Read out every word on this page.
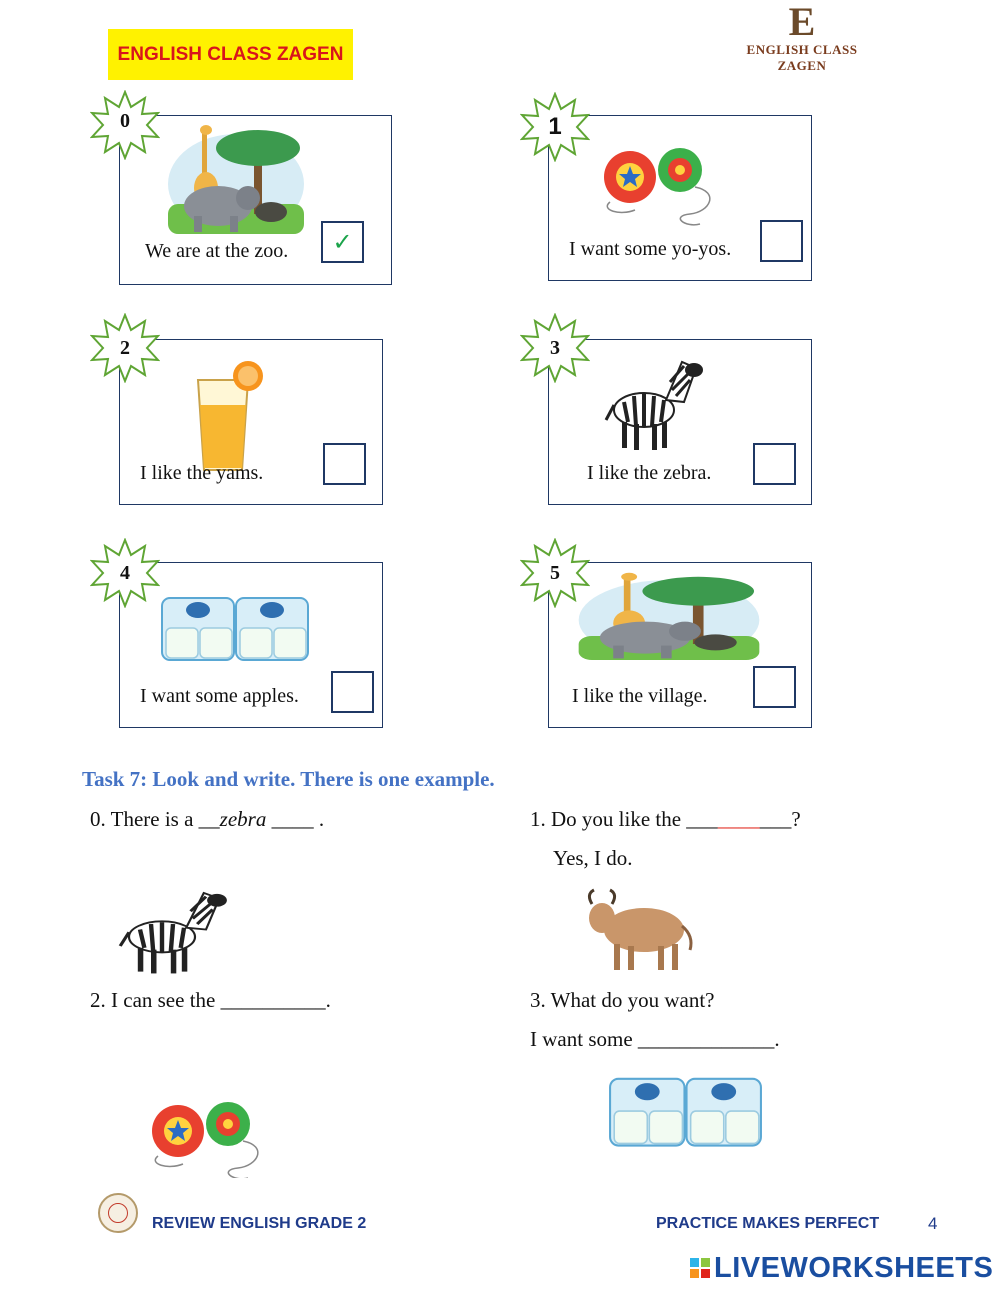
ENGLISH CLASS ZAGEN
E
ENGLISH CLASS ZAGEN
We are at the zoo. ✓
0
I want some yo-yos.
1
I like the yams.
2
I like the zebra.
3
I want some apples.
4
I like the village.
5
Task 7: Look and write. There is one example.
0. There is a __zebra ____ .	1. Do you like the __________?
Yes, I do.
2. I can see the __________.	3. What do you want?
I want some _____________.
REVIEW ENGLISH GRADE 2	PRACTICE MAKES PERFECT	4
LIVEWORKSHEETS
